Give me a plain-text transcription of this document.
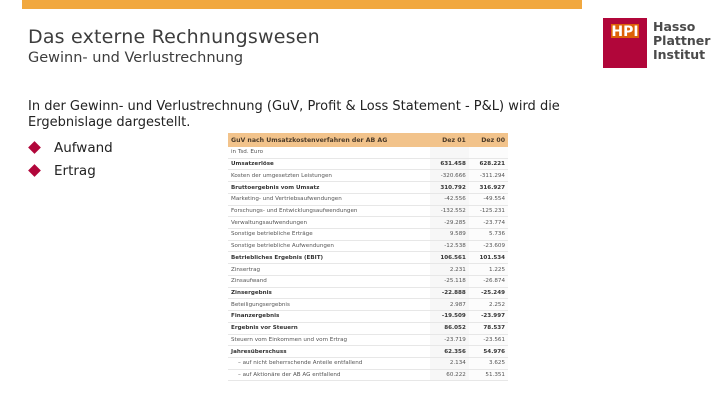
Das externe Rechnungswesen
Gewinn- und Verlustrechnung
HPI	Hasso
Plattner
Institut
In der Gewinn- und Verlustrechnung (GuV, Profit & Loss Statement - P&L) wird die Ergebnislage dargestellt.
Aufwand
Ertrag
GuV nach Umsatzkostenverfahren der AB AG	Dez 01	Dez 00
in Tsd. Euro		
Umsatzerlöse	631.458	628.221
Kosten der umgesetzten Leistungen	-320.666	-311.294
Bruttoergebnis vom Umsatz	310.792	316.927
Marketing- und Vertriebsaufwendungen	-42.556	-49.554
Forschungs- und Entwicklungsaufwendungen	-132.552	-125.231
Verwaltungsaufwendungen	-29.285	-23.774
Sonstige betriebliche Erträge	9.589	5.736
Sonstige betriebliche Aufwendungen	-12.538	-23.609
Betriebliches Ergebnis (EBIT)	106.561	101.534
Zinsertrag	2.231	1.225
Zinsaufwand	-25.118	-26.874
Zinsergebnis	-22.888	-25.249
Beteiligungsergebnis	2.987	2.252
Finanzergebnis	-19.509	-23.997
Ergebnis vor Steuern	86.052	78.537
Steuern vom Einkommen und vom Ertrag	-23.719	-23.561
Jahresüberschuss	62.356	54.976
– auf nicht beherrschende Anteile entfallend	2.134	3.625
– auf Aktionäre der AB AG entfallend	60.222	51.351
